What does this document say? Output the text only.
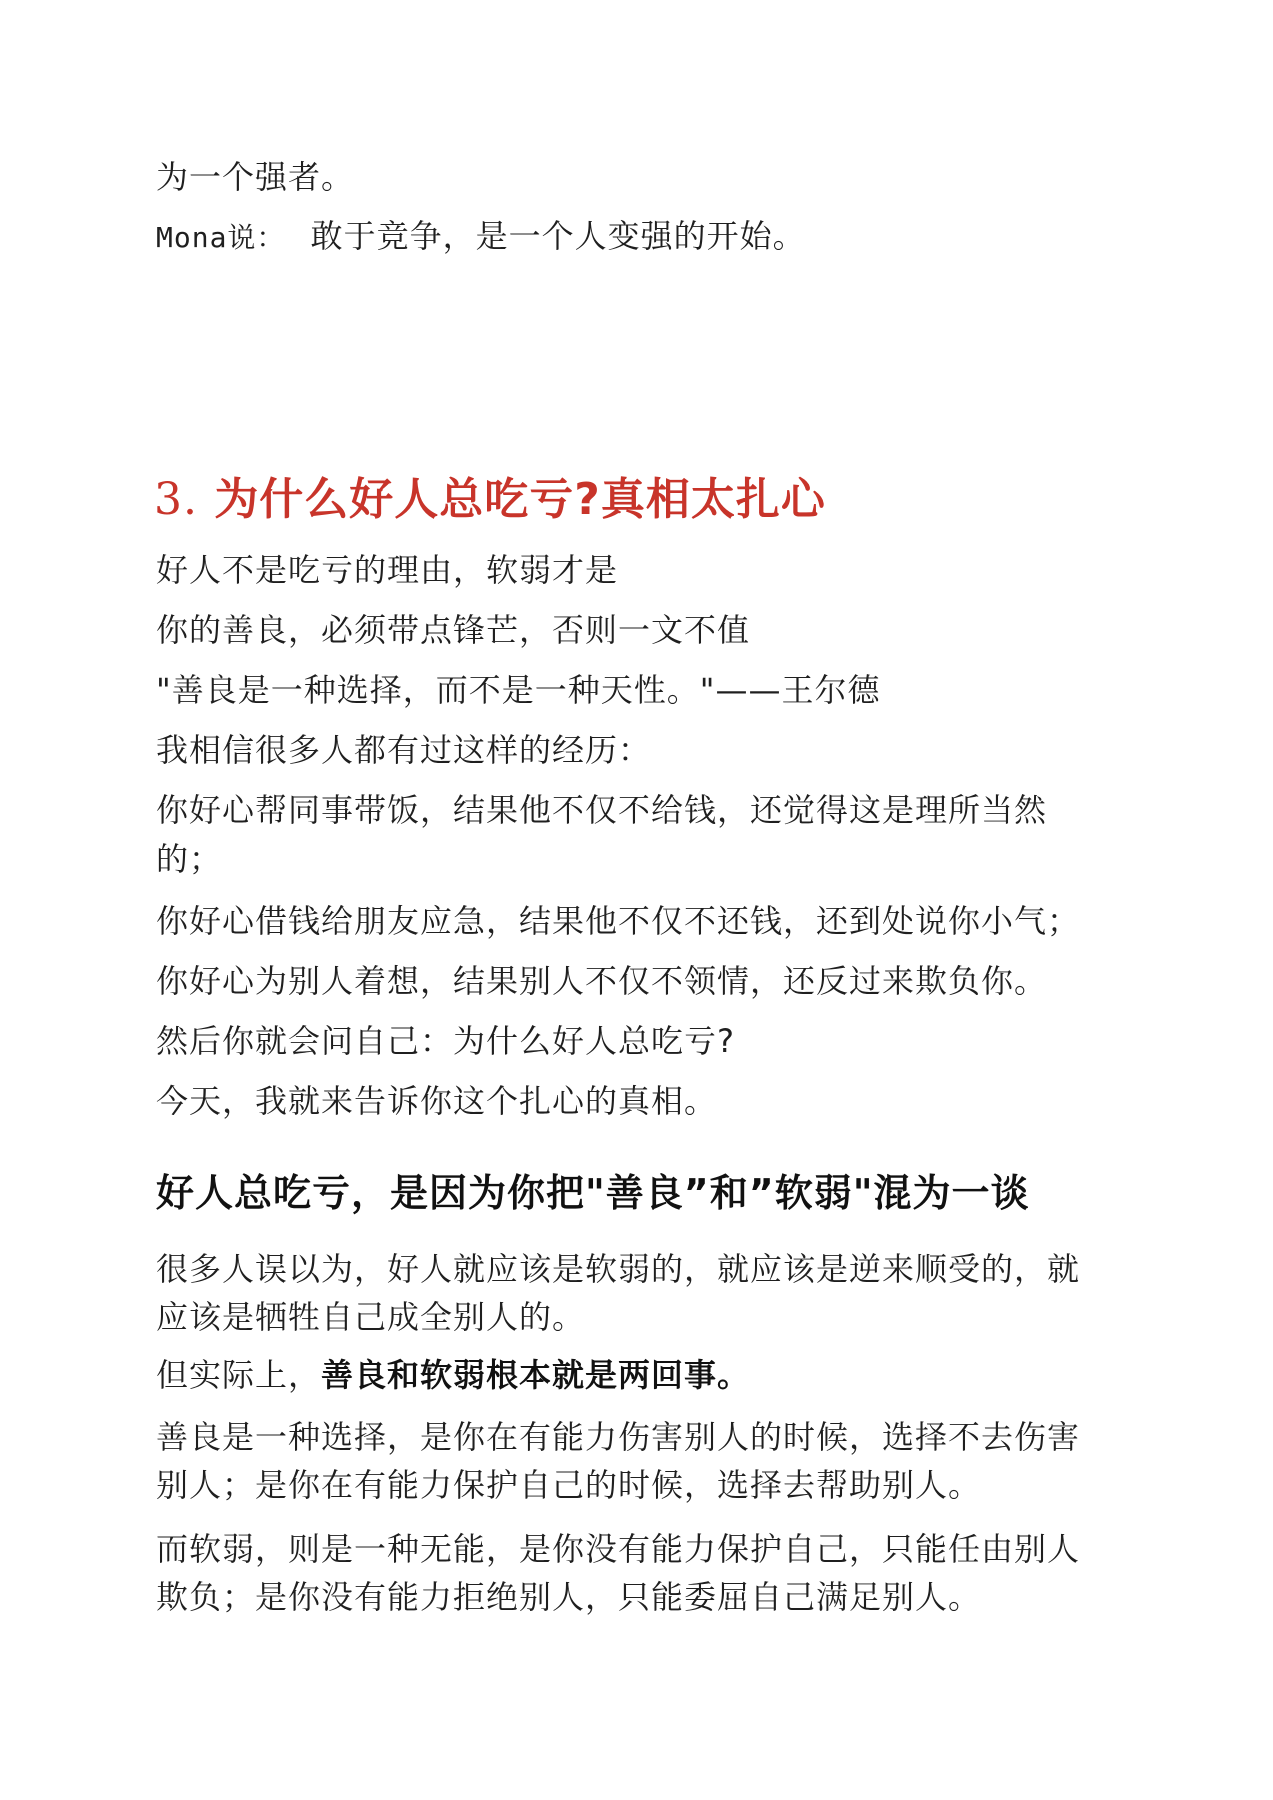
为一个强者。
Mona说： 敢于竞争，是一个人变强的开始。
3. 为什么好人总吃亏?真相太扎心
好人不是吃亏的理由，软弱才是
你的善良，必须带点锋芒，否则一文不值
"善良是一种选择，而不是一种天性。"——王尔德
我相信很多人都有过这样的经历：
你好心帮同事带饭，结果他不仅不给钱，还觉得这是理所当然
的；
你好心借钱给朋友应急，结果他不仅不还钱，还到处说你小气；
你好心为别人着想，结果别人不仅不领情，还反过来欺负你。
然后你就会问自己：为什么好人总吃亏?
今天，我就来告诉你这个扎心的真相。
好人总吃亏，是因为你把"善良”和”软弱"混为一谈
很多人误以为，好人就应该是软弱的，就应该是逆来顺受的，就
应该是牺牲自己成全别人的。
但实际上，善良和软弱根本就是两回事。
善良是一种选择，是你在有能力伤害别人的时候，选择不去伤害
别人；是你在有能力保护自己的时候，选择去帮助别人。
而软弱，则是一种无能，是你没有能力保护自己，只能任由别人
欺负；是你没有能力拒绝别人，只能委屈自己满足别人。
